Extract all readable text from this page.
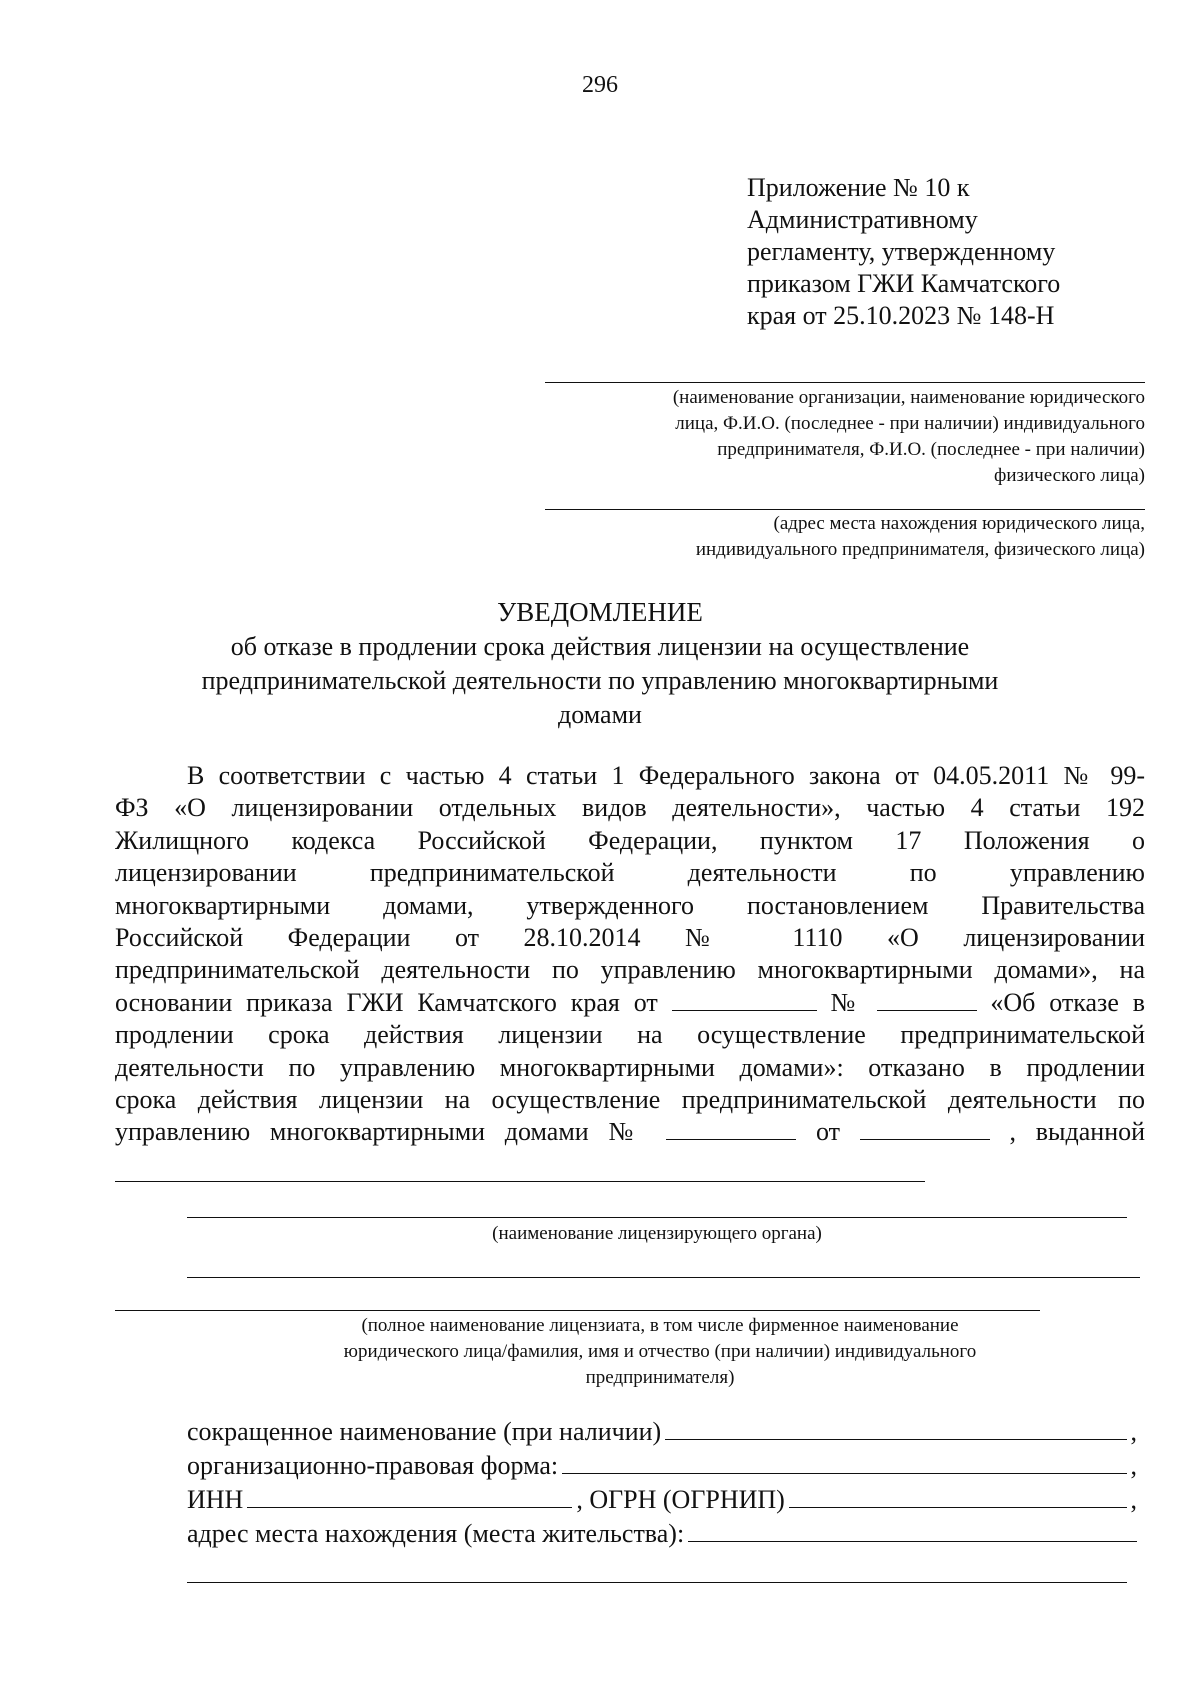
296
Приложение № 10 к
Административному
регламенту, утвержденному
приказом ГЖИ Камчатского
края от 25.10.2023 № 148-Н
(наименование организации, наименование юридического
лица, Ф.И.О. (последнее - при наличии) индивидуального
предпринимателя, Ф.И.О. (последнее - при наличии)
физического лица)
(адрес места нахождения юридического лица,
индивидуального предпринимателя, физического лица)
УВЕДОМЛЕНИЕ
об отказе в продлении срока действия лицензии на осуществление
предпринимательской деятельности по управлению многоквартирными
домами
В соответствии с частью 4 статьи 1 Федерального закона от 04.05.2011 № 99-
ФЗ «О лицензировании отдельных видов деятельности», частью 4 статьи 192
Жилищного кодекса Российской Федерации, пунктом 17 Положения о
лицензировании предпринимательской деятельности по управлению
многоквартирными домами, утвержденного постановлением Правительства
Российской Федерации от 28.10.2014 № 1110 «О лицензировании
предпринимательской деятельности по управлению многоквартирными домами», на
основании приказа ГЖИ Камчатского края от	№	«Об отказе в
продлении срока действия лицензии на осуществление предпринимательской
деятельности по управлению многоквартирными домами»: отказано в продлении
срока действия лицензии на осуществление предпринимательской деятельности по
управлению многоквартирными домами №	от	, выданной
(наименование лицензирующего органа)
(полное наименование лицензиата, в том числе фирменное наименование
юридического лица/фамилия, имя и отчество (при наличии) индивидуального
предпринимателя)
сокращенное наименование (при наличии)	,
организационно-правовая форма:	,
ИНН	, ОГРН (ОГРНИП)	,
адрес места нахождения (места жительства):
